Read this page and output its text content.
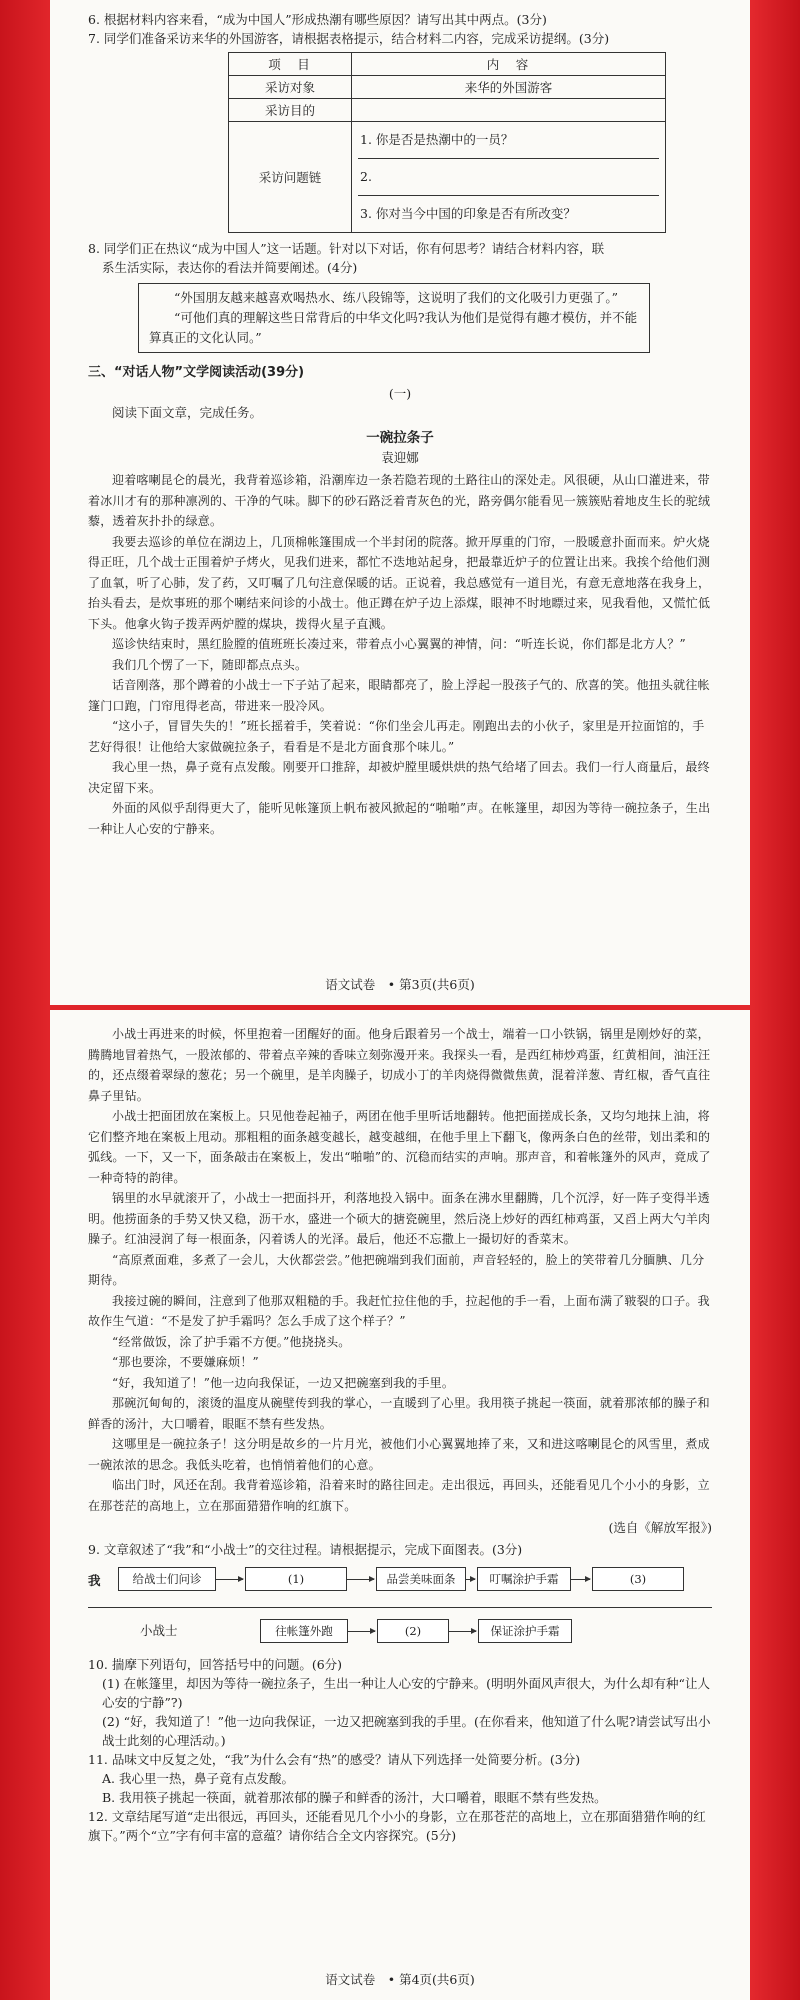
6. 根据材料内容来看，“成为中国人”形成热潮有哪些原因？请写出其中两点。(3分)

7. 同学们准备采访来华的外国游客，请根据表格提示，结合材料二内容，完成采访提纲。(3分)

项　目	内　容
采访对象	来华的外国游客
采访目的	
采访问题链	1. 你是否是热潮中的一员？
2.
3. 你对当今中国的印象是否有所改变？

8. 同学们正在热议“成为中国人”这一话题。针对以下对话，你有何思考？请结合材料内容，联

系生活实际，表达你的看法并简要阐述。(4分)

“外国朋友越来越喜欢喝热水、练八段锦等，这说明了我们的文化吸引力更强了。”

“可他们真的理解这些日常背后的中华文化吗?我认为他们是觉得有趣才模仿，并不能算真正的文化认同。”

三、“对话人物”文学阅读活动(39分)
(一)

阅读下面文章，完成任务。

一碗拉条子
袁迎娜

迎着喀喇昆仑的晨光，我背着巡诊箱，沿潮库边一条若隐若现的土路往山的深处走。风很硬，从山口灌进来，带着冰川才有的那种凛冽的、干净的气味。脚下的砂石路泛着青灰色的光，路旁偶尔能看见一簇簇贴着地皮生长的驼绒藜，透着灰扑扑的绿意。

我要去巡诊的单位在湖边上，几顶棉帐篷围成一个半封闭的院落。掀开厚重的门帘，一股暖意扑面而来。炉火烧得正旺，几个战士正围着炉子烤火，见我们进来，都忙不迭地站起身，把最靠近炉子的位置让出来。我挨个给他们测了血氧，听了心肺，发了药，又叮嘱了几句注意保暖的话。正说着，我总感觉有一道目光，有意无意地落在我身上，抬头看去，是炊事班的那个喇结来问诊的小战士。他正蹲在炉子边上添煤，眼神不时地瞟过来，见我看他，又慌忙低下头。他拿火钩子拨弄两炉膛的煤块，拨得火星子直溅。

巡诊快结束时，黑红脸膛的值班班长凑过来，带着点小心翼翼的神情，问：“听连长说，你们都是北方人？”

我们几个愣了一下，随即都点点头。

话音刚落，那个蹲着的小战士一下子站了起来，眼睛都亮了，脸上浮起一股孩子气的、欣喜的笑。他扭头就往帐篷门口跑，门帘甩得老高，带进来一股冷风。

“这小子，冒冒失失的！”班长摇着手，笑着说：“你们坐会儿再走。刚跑出去的小伙子，家里是开拉面馆的，手艺好得很！让他给大家做碗拉条子，看看是不是北方面食那个味儿。”

我心里一热，鼻子竟有点发酸。刚要开口推辞，却被炉膛里暖烘烘的热气给堵了回去。我们一行人商量后，最终决定留下来。

外面的风似乎刮得更大了，能听见帐篷顶上帆布被风掀起的“啪啪”声。在帐篷里，却因为等待一碗拉条子，生出一种让人心安的宁静来。

语文试卷　• 第3页(共6页)

小战士再进来的时候，怀里抱着一团醒好的面。他身后跟着另一个战士，端着一口小铁锅，锅里是刚炒好的菜，腾腾地冒着热气，一股浓郁的、带着点辛辣的香味立刻弥漫开来。我探头一看，是西红柿炒鸡蛋，红黄相间，油汪汪的，还点缀着翠绿的葱花；另一个碗里，是羊肉臊子，切成小丁的羊肉烧得微微焦黄，混着洋葱、青红椒，香气直往鼻子里钻。

小战士把面团放在案板上。只见他卷起袖子，两团在他手里听话地翻转。他把面搓成长条，又均匀地抹上油，将它们整齐地在案板上甩动。那粗粗的面条越变越长，越变越细，在他手里上下翻飞，像两条白色的丝带，划出柔和的弧线。一下，又一下，面条敲击在案板上，发出“啪啪”的、沉稳而结实的声响。那声音，和着帐篷外的风声，竟成了一种奇特的韵律。

锅里的水早就滚开了，小战士一把面抖开，利落地投入锅中。面条在沸水里翻腾，几个沉浮，好一阵子变得半透明。他捞面条的手势又快又稳，沥干水，盛进一个硕大的搪瓷碗里，然后浇上炒好的西红柿鸡蛋，又舀上两大勺羊肉臊子。红油浸润了每一根面条，闪着诱人的光泽。最后，他还不忘撒上一撮切好的香菜末。

“高原煮面难，多煮了一会儿，大伙都尝尝。”他把碗端到我们面前，声音轻轻的，脸上的笑带着几分腼腆、几分期待。

我接过碗的瞬间，注意到了他那双粗糙的手。我赶忙拉住他的手，拉起他的手一看，上面布满了皲裂的口子。我故作生气道：“不是发了护手霜吗？怎么手成了这个样子？”

“经常做饭，涂了护手霜不方便。”他挠挠头。

“那也要涂，不要嫌麻烦！”

“好，我知道了！”他一边向我保证，一边又把碗塞到我的手里。

那碗沉甸甸的，滚烫的温度从碗壁传到我的掌心，一直暖到了心里。我用筷子挑起一筷面，就着那浓郁的臊子和鲜香的汤汁，大口嚼着，眼眶不禁有些发热。

这哪里是一碗拉条子！这分明是故乡的一片月光，被他们小心翼翼地捧了来，又和进这喀喇昆仑的风雪里，煮成一碗浓浓的思念。我低头吃着，也悄悄着他们的心意。

临出门时，风还在刮。我背着巡诊箱，沿着来时的路往回走。走出很远，再回头，还能看见几个小小的身影，立在那苍茫的高地上，立在那面猎猎作响的红旗下。

(选自《解放军报》)

9. 文章叙述了“我”和“小战士”的交往过程。请根据提示，完成下面图表。(3分)

我
小战士
给战士们问诊	(1)	品尝美味面条	叮嘱涂护手霜	(3)
往帐篷外跑	(2)	保证涂护手霜

10. 揣摩下列语句，回答括号中的问题。(6分)

(1) 在帐篷里，却因为等待一碗拉条子，生出一种让人心安的宁静来。(明明外面风声很大，为什么却有种“让人心安的宁静”?)

(2) “好，我知道了！”他一边向我保证，一边又把碗塞到我的手里。(在你看来，他知道了什么呢?请尝试写出小战士此刻的心理活动。)

11. 品味文中反复之处，“我”为什么会有“热”的感受？请从下列选择一处简要分析。(3分)

A. 我心里一热，鼻子竟有点发酸。

B. 我用筷子挑起一筷面，就着那浓郁的臊子和鲜香的汤汁，大口嚼着，眼眶不禁有些发热。

12. 文章结尾写道“走出很远，再回头，还能看见几个小小的身影，立在那苍茫的高地上，立在那面猎猎作响的红旗下。”两个“立”字有何丰富的意蕴？请你结合全文内容探究。(5分)

语文试卷　• 第4页(共6页)
